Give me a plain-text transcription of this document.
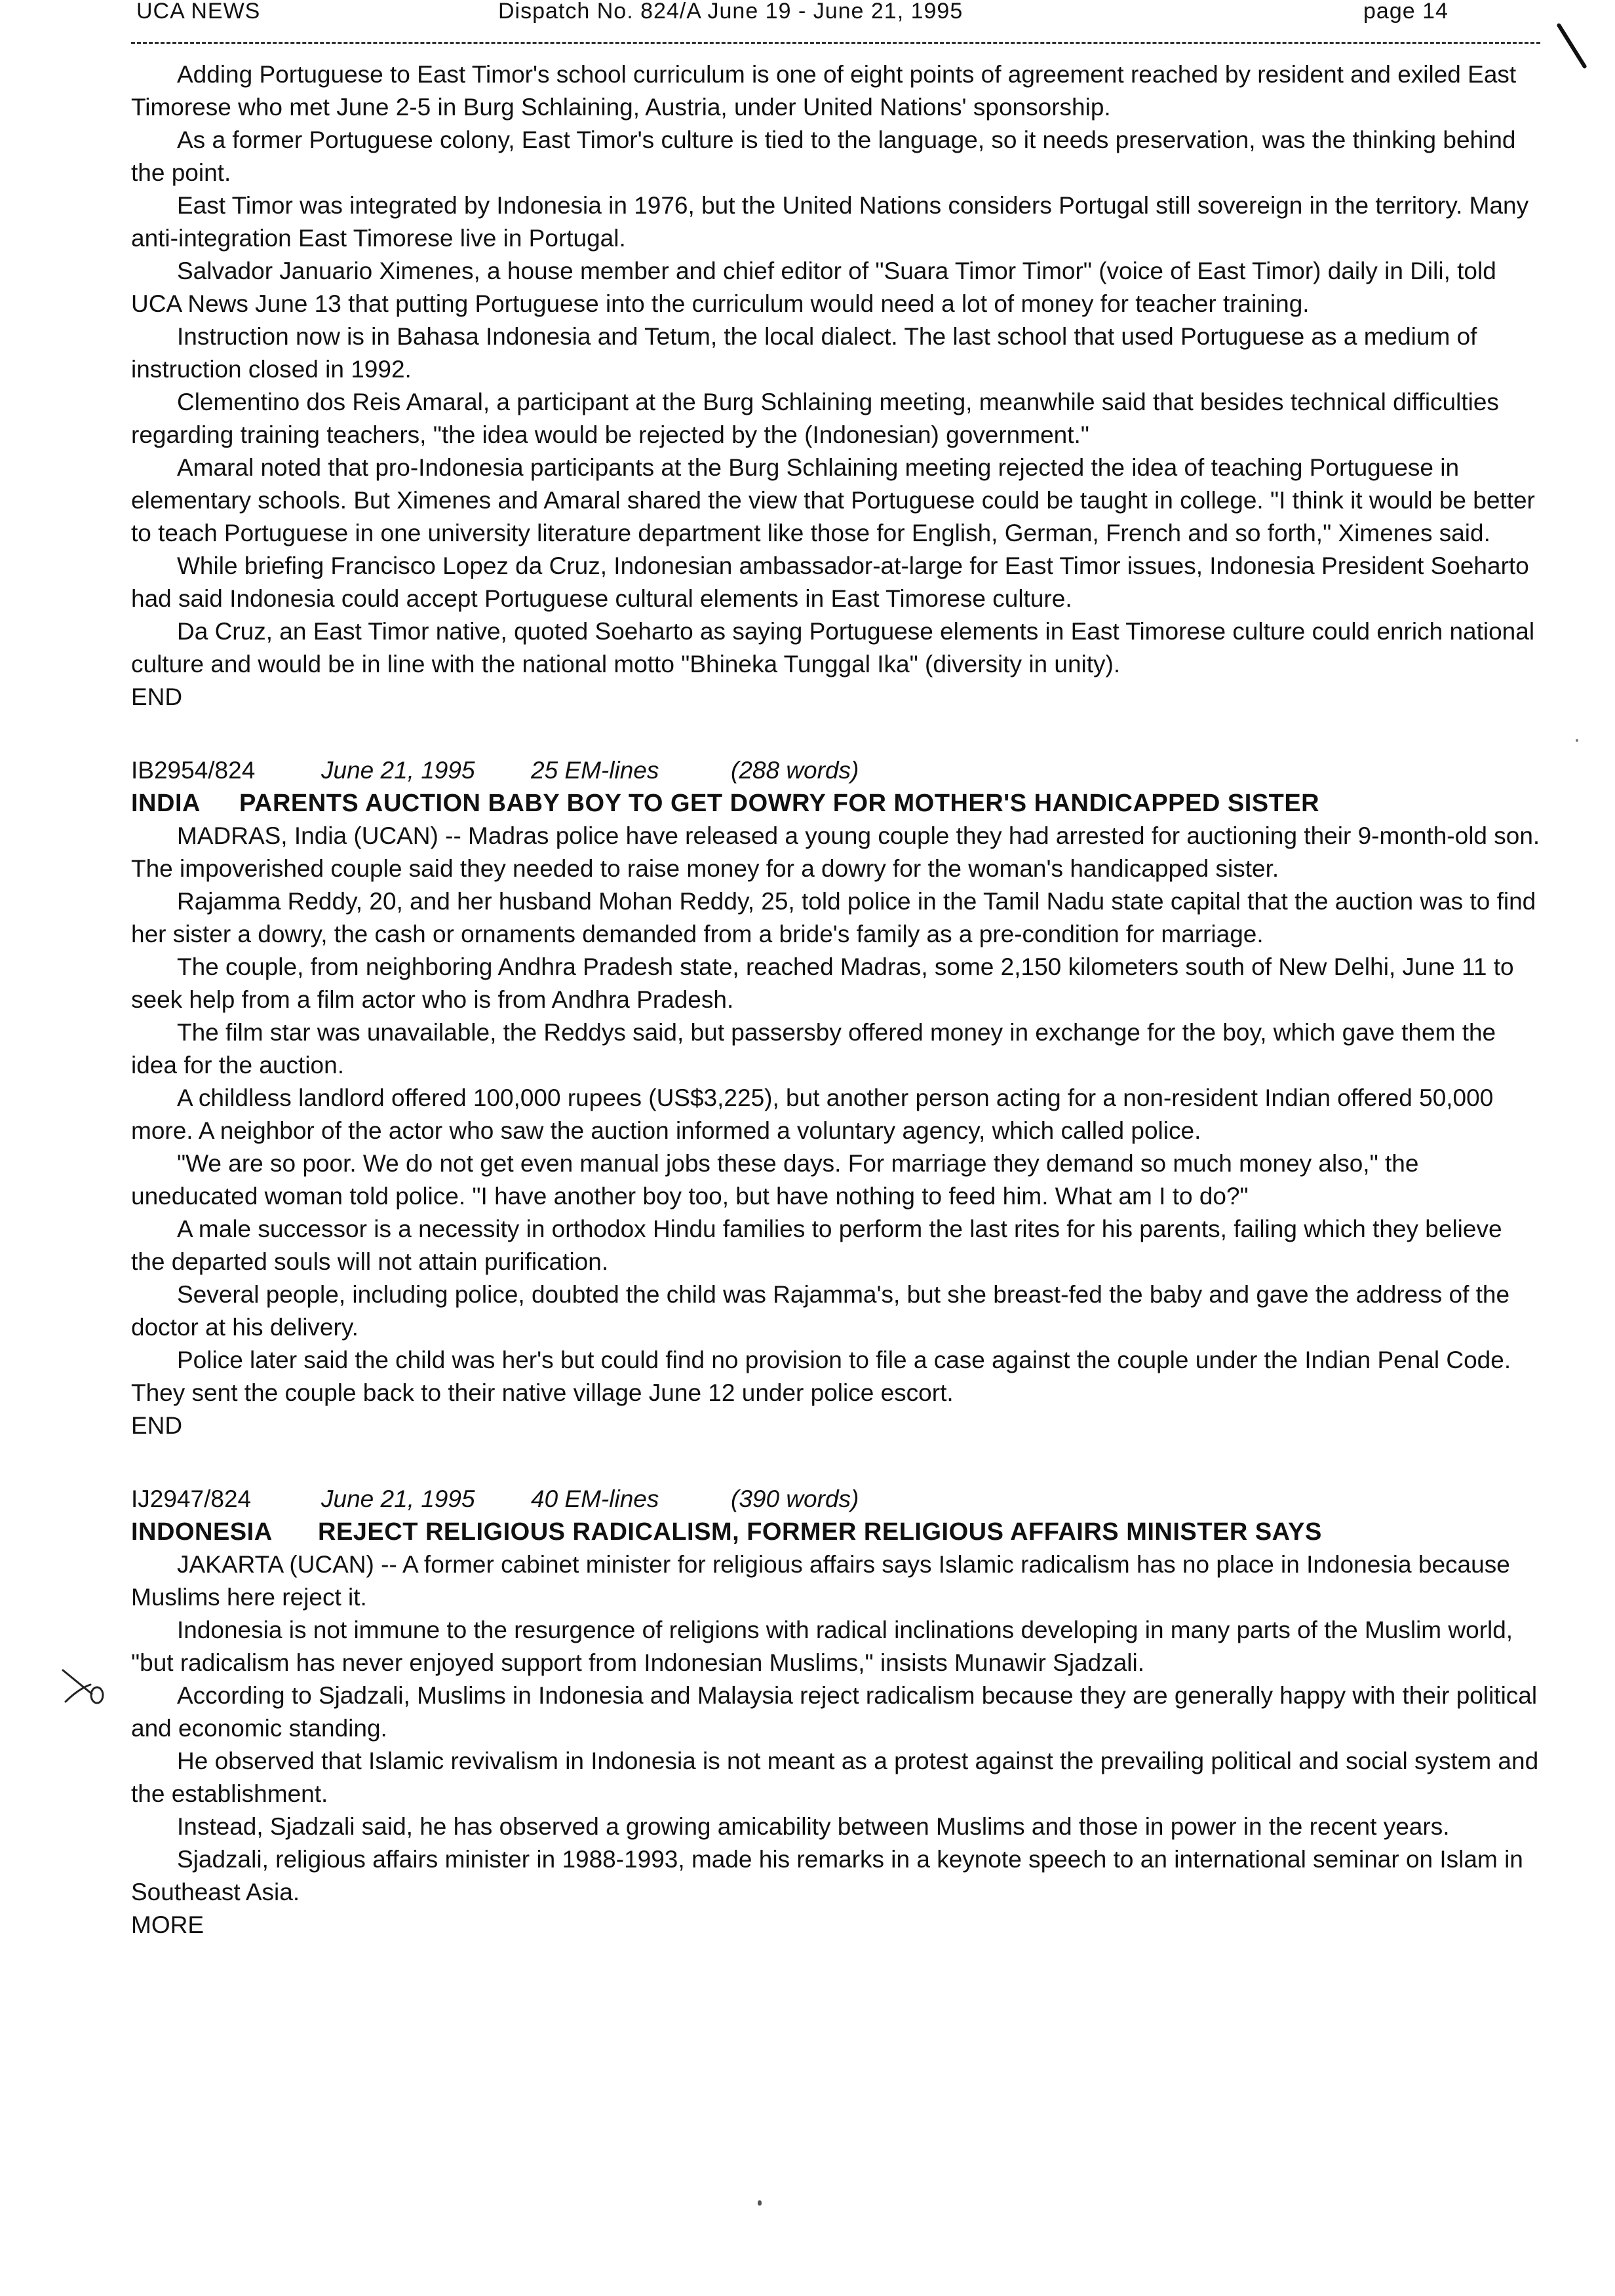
UCA NEWS	Dispatch No. 824/A June 19 - June 21, 1995	page 14

Adding Portuguese to East Timor's school curriculum is one of eight points of agreement reached by resident and exiled East Timorese who met June 2-5 in Burg Schlaining, Austria, under United Nations' sponsorship.

As a former Portuguese colony, East Timor's culture is tied to the language, so it needs preservation, was the thinking behind the point.

East Timor was integrated by Indonesia in 1976, but the United Nations considers Portugal still sovereign in the territory. Many anti-integration East Timorese live in Portugal.

Salvador Januario Ximenes, a house member and chief editor of "Suara Timor Timor" (voice of East Timor) daily in Dili, told UCA News June 13 that putting Portuguese into the curriculum would need a lot of money for teacher training.

Instruction now is in Bahasa Indonesia and Tetum, the local dialect. The last school that used Portuguese as a medium of instruction closed in 1992.

Clementino dos Reis Amaral, a participant at the Burg Schlaining meeting, meanwhile said that besides technical difficulties regarding training teachers, "the idea would be rejected by the (Indonesian) government."

Amaral noted that pro-Indonesia participants at the Burg Schlaining meeting rejected the idea of teaching Portuguese in elementary schools. But Ximenes and Amaral shared the view that Portuguese could be taught in college. "I think it would be better to teach Portuguese in one university literature department like those for English, German, French and so forth," Ximenes said.

While briefing Francisco Lopez da Cruz, Indonesian ambassador-at-large for East Timor issues, Indonesia President Soeharto had said Indonesia could accept Portuguese cultural elements in East Timorese culture.

Da Cruz, an East Timor native, quoted Soeharto as saying Portuguese elements in East Timorese culture could enrich national culture and would be in line with the national motto "Bhineka Tunggal Ika" (diversity in unity).

END
IB2954/824	June 21, 1995 25 EM-lines	(288 words)
INDIA PARENTS AUCTION BABY BOY TO GET DOWRY FOR MOTHER'S HANDICAPPED SISTER

MADRAS, India (UCAN) -- Madras police have released a young couple they had arrested for auctioning their 9-month-old son. The impoverished couple said they needed to raise money for a dowry for the woman's handicapped sister.

Rajamma Reddy, 20, and her husband Mohan Reddy, 25, told police in the Tamil Nadu state capital that the auction was to find her sister a dowry, the cash or ornaments demanded from a bride's family as a pre-condition for marriage.

The couple, from neighboring Andhra Pradesh state, reached Madras, some 2,150 kilometers south of New Delhi, June 11 to seek help from a film actor who is from Andhra Pradesh.

The film star was unavailable, the Reddys said, but passersby offered money in exchange for the boy, which gave them the idea for the auction.

A childless landlord offered 100,000 rupees (US$3,225), but another person acting for a non-resident Indian offered 50,000 more. A neighbor of the actor who saw the auction informed a voluntary agency, which called police.

"We are so poor. We do not get even manual jobs these days. For marriage they demand so much money also," the uneducated woman told police. "I have another boy too, but have nothing to feed him. What am I to do?"

A male successor is a necessity in orthodox Hindu families to perform the last rites for his parents, failing which they believe the departed souls will not attain purification.

Several people, including police, doubted the child was Rajamma's, but she breast-fed the baby and gave the address of the doctor at his delivery.

Police later said the child was her's but could find no provision to file a case against the couple under the Indian Penal Code. They sent the couple back to their native village June 12 under police escort.

END
IJ2947/824	June 21, 1995 40 EM-lines	(390 words)
INDONESIA REJECT RELIGIOUS RADICALISM, FORMER RELIGIOUS AFFAIRS MINISTER SAYS

JAKARTA (UCAN) -- A former cabinet minister for religious affairs says Islamic radicalism has no place in Indonesia because Muslims here reject it.

Indonesia is not immune to the resurgence of religions with radical inclinations developing in many parts of the Muslim world, "but radicalism has never enjoyed support from Indonesian Muslims," insists Munawir Sjadzali.

According to Sjadzali, Muslims in Indonesia and Malaysia reject radicalism because they are generally happy with their political and economic standing.

He observed that Islamic revivalism in Indonesia is not meant as a protest against the prevailing political and social system and the establishment.

Instead, Sjadzali said, he has observed a growing amicability between Muslims and those in power in the recent years.

Sjadzali, religious affairs minister in 1988-1993, made his remarks in a keynote speech to an international seminar on Islam in Southeast Asia.

MORE
